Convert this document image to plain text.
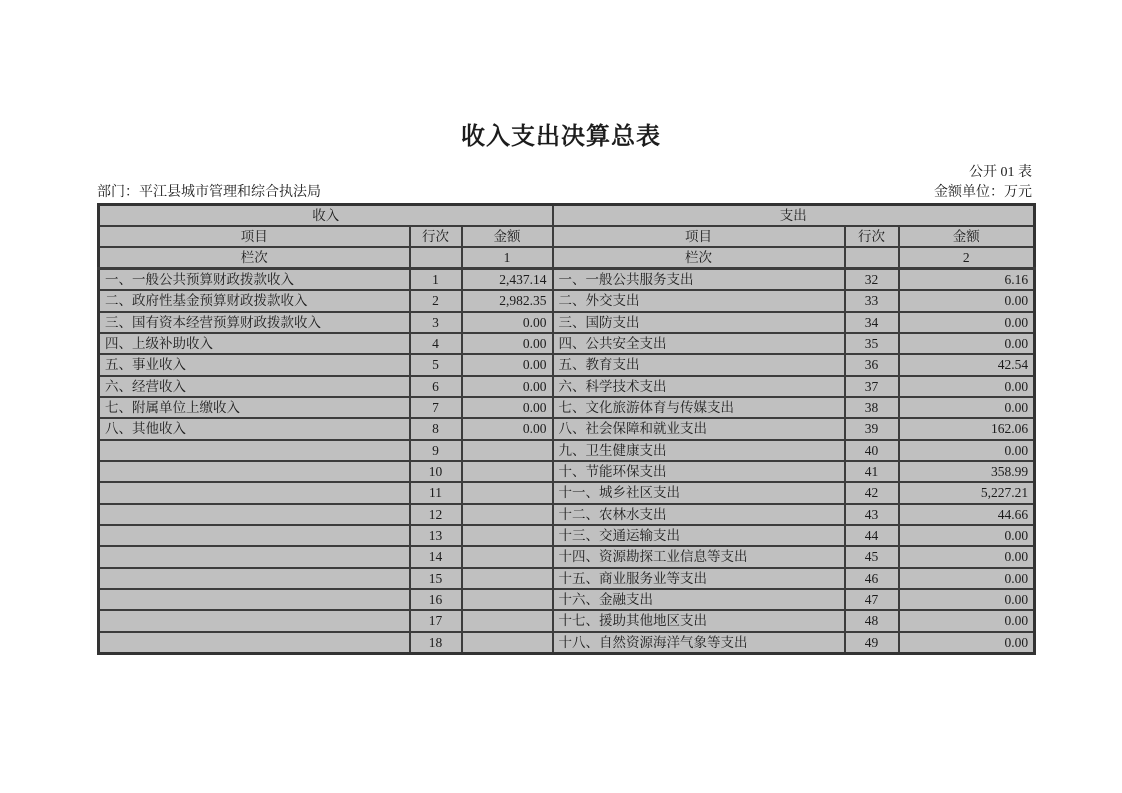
收入支出决算总表
公开 01 表
部门：平江县城市管理和综合执法局	金额单位：万元
收入			支出		
项目	行次	金额	项目	行次	金额
栏次		1	栏次		2
一、一般公共预算财政拨款收入	1	2,437.14	一、一般公共服务支出	32	6.16
二、政府性基金预算财政拨款收入	2	2,982.35	二、外交支出	33	0.00
三、国有资本经营预算财政拨款收入	3	0.00	三、国防支出	34	0.00
四、上级补助收入	4	0.00	四、公共安全支出	35	0.00
五、事业收入	5	0.00	五、教育支出	36	42.54
六、经营收入	6	0.00	六、科学技术支出	37	0.00
七、附属单位上缴收入	7	0.00	七、文化旅游体育与传媒支出	38	0.00
八、其他收入	8	0.00	八、社会保障和就业支出	39	162.06
	9		九、卫生健康支出	40	0.00
	10		十、节能环保支出	41	358.99
	11		十一、城乡社区支出	42	5,227.21
	12		十二、农林水支出	43	44.66
	13		十三、交通运输支出	44	0.00
	14		十四、资源勘探工业信息等支出	45	0.00
	15		十五、商业服务业等支出	46	0.00
	16		十六、金融支出	47	0.00
	17		十七、援助其他地区支出	48	0.00
	18		十八、自然资源海洋气象等支出	49	0.00
